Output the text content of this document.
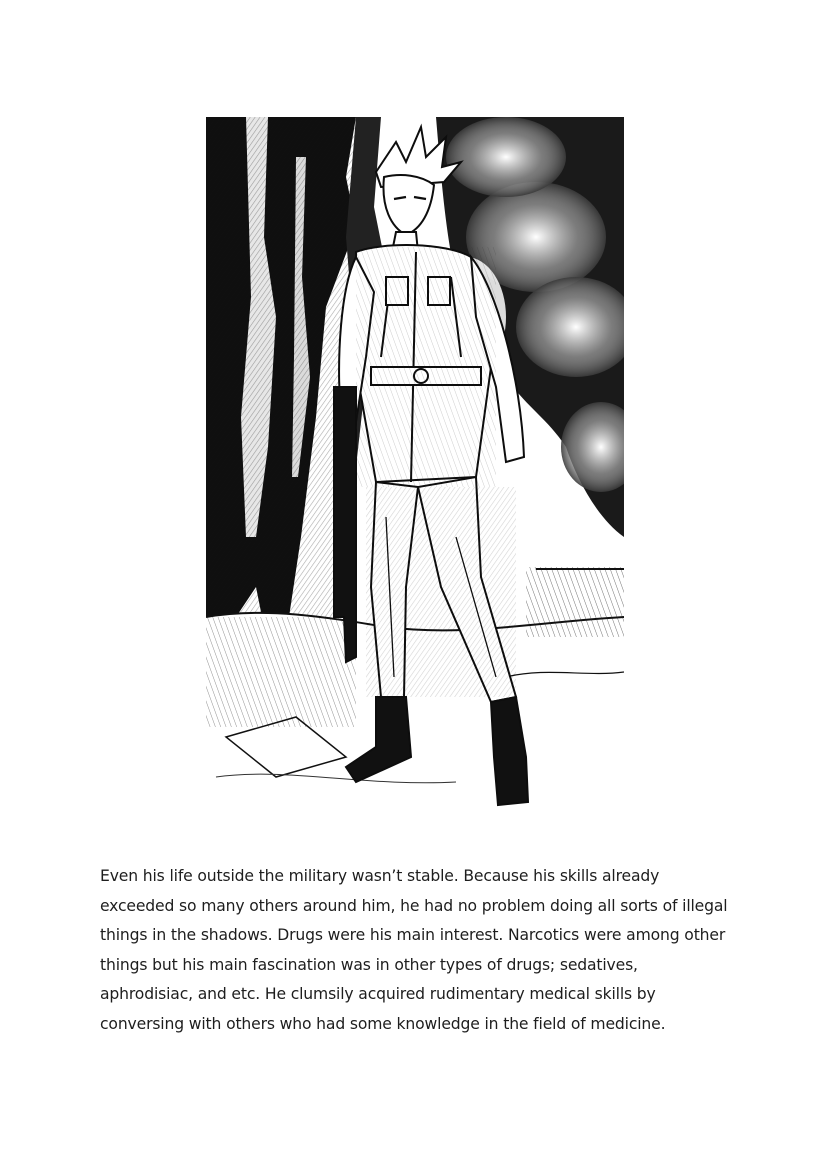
Even his life outside the military wasn’t stable. Because his skills already exceeded so many others around him, he had no problem doing all sorts of illegal things in the shadows. Drugs were his main interest. Narcotics were among other things but his main fascination was in other types of drugs; sedatives, aphrodisiac, and etc. He clumsily acquired rudimentary medical skills by conversing with others who had some knowledge in the field of medicine.
